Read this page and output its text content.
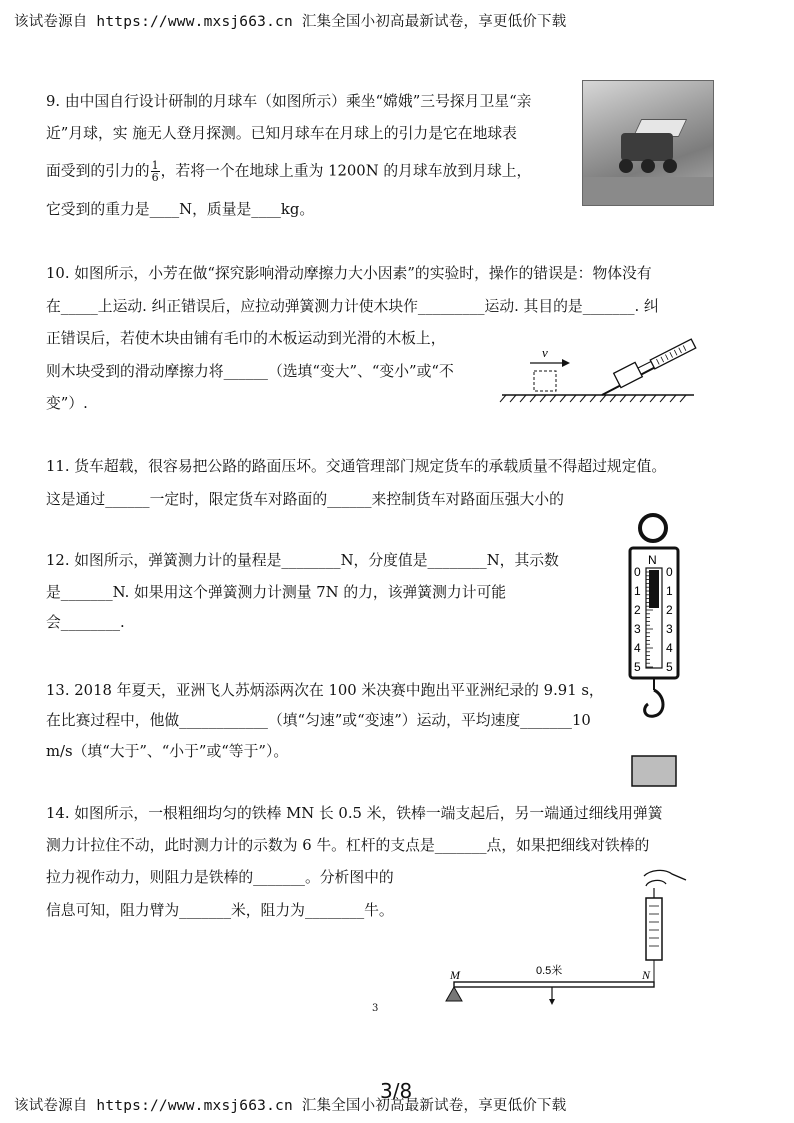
该试卷源自 https://www.mxsj663.cn 汇集全国小初高最新试卷，享更低价下载
9. 由中国自行设计研制的月球车（如图所示）乘坐“嫦娥”三号探月卫星“亲
近”月球，实 施无人登月探测。已知月球车在月球上的引力是它在地球表
面受到的引力的 $\frac{1}{6}$ ，若将一个在地球上重为 1200N 的月球车放到月球上，
它受到的重力是____N，质量是____kg。
10. 如图所示，小芳在做“探究影响滑动摩擦力大小因素”的实验时，操作的错误是：物体没有
在_____上运动. 纠正错误后，应拉动弹簧测力计使木块作_________运动. 其目的是_______. 纠
正错误后，若使木块由铺有毛巾的木板运动到光滑的木板上，
则木块受到的滑动摩擦力将______（选填“变大”、“变小”或“不
变”）.
v
11. 货车超载，很容易把公路的路面压坏。交通管理部门规定货车的承载质量不得超过规定值。
这是通过______一定时，限定货车对路面的______来控制货车对路面压强大小的
12. 如图所示，弹簧测力计的量程是________N，分度值是________N，其示数
是_______N. 如果用这个弹簧测力计测量 7N 的力，该弹簧测力计可能
会________.
N
0 0
1 1
2 2
3 3
4 4
5 5
13. 2018 年夏天，亚洲飞人苏炳添两次在 100 米决赛中跑出平亚洲纪录的 9.91 s，
在比赛过程中，他做____________（填“匀速”或“变速”）运动，平均速度_______10
m/s（填“大于”、“小于”或“等于”）。
14. 如图所示，一根粗细均匀的铁棒 MN 长 0.5 米，铁棒一端支起后，另一端通过细线用弹簧
测力计拉住不动，此时测力计的示数为 6 牛。杠杆的支点是_______点，如果把细线对铁棒的
拉力视作动力，则阻力是铁棒的_______。分析图中的
信息可知，阻力臂为_______米，阻力为________牛。
M	N
0.5米
3
3/8
该试卷源自 https://www.mxsj663.cn 汇集全国小初高最新试卷，享更低价下载
